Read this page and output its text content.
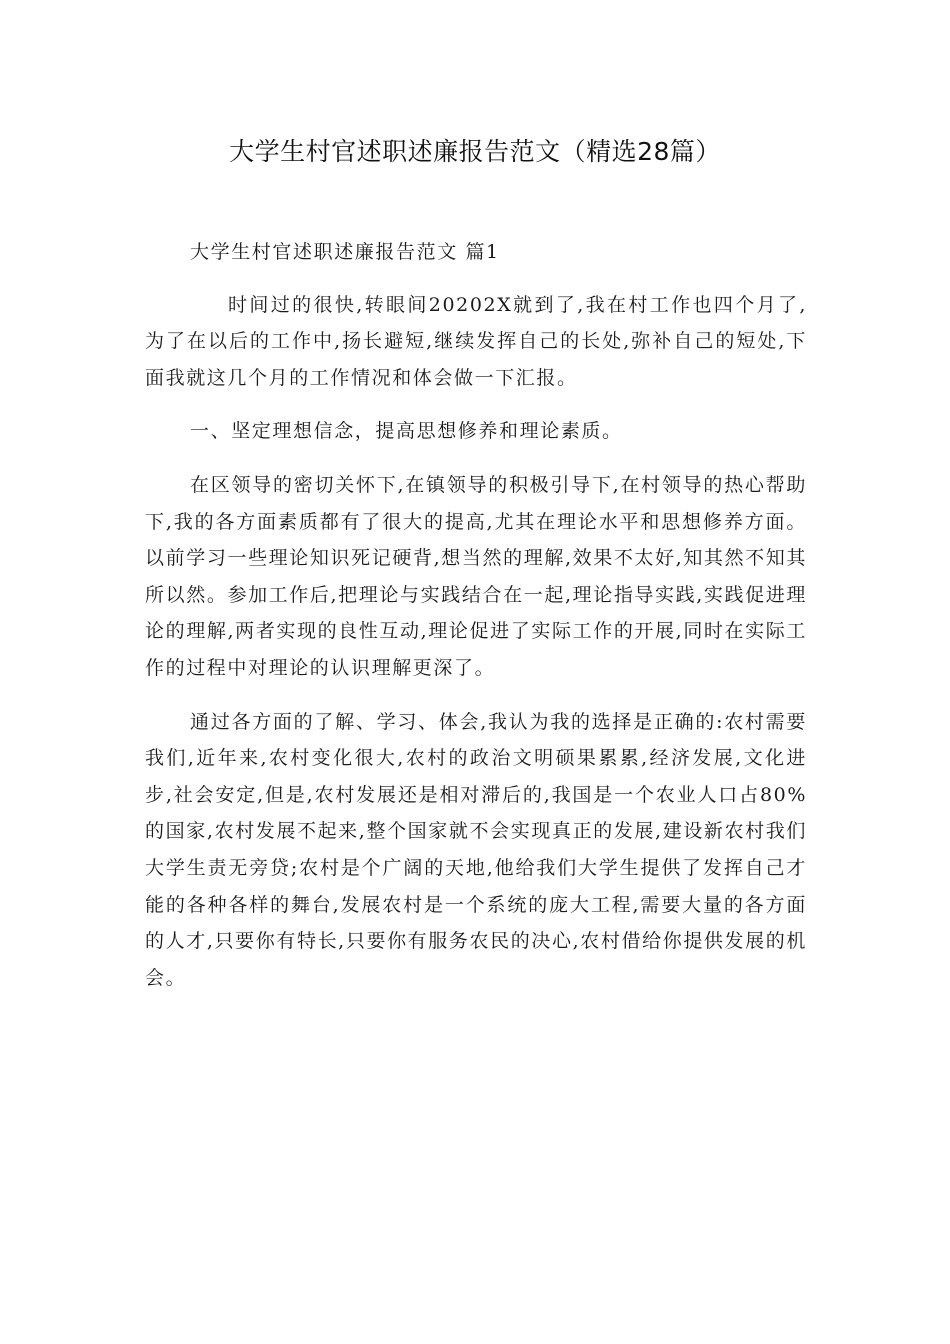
大学生村官述职述廉报告范文（精选28篇）

大学生村官述职述廉报告范文 篇1

时间过的很快,转眼间20202X就到了,我在村工作也四个月了,为了在以后的工作中,扬长避短,继续发挥自己的长处,弥补自己的短处,下面我就这几个月的工作情况和体会做一下汇报。

一、坚定理想信念，提高思想修养和理论素质。

在区领导的密切关怀下,在镇领导的积极引导下,在村领导的热心帮助下,我的各方面素质都有了很大的提高,尤其在理论水平和思想修养方面。以前学习一些理论知识死记硬背,想当然的理解,效果不太好,知其然不知其所以然。参加工作后,把理论与实践结合在一起,理论指导实践,实践促进理论的理解,两者实现的良性互动,理论促进了实际工作的开展,同时在实际工作的过程中对理论的认识理解更深了。

通过各方面的了解、学习、体会,我认为我的选择是正确的:农村需要我们,近年来,农村变化很大,农村的政治文明硕果累累,经济发展,文化进步,社会安定,但是,农村发展还是相对滞后的,我国是一个农业人口占80%的国家,农村发展不起来,整个国家就不会实现真正的发展,建设新农村我们大学生责无旁贷;农村是个广阔的天地,他给我们大学生提供了发挥自己才能的各种各样的舞台,发展农村是一个系统的庞大工程,需要大量的各方面的人才,只要你有特长,只要你有服务农民的决心,农村借给你提供发展的机会。
